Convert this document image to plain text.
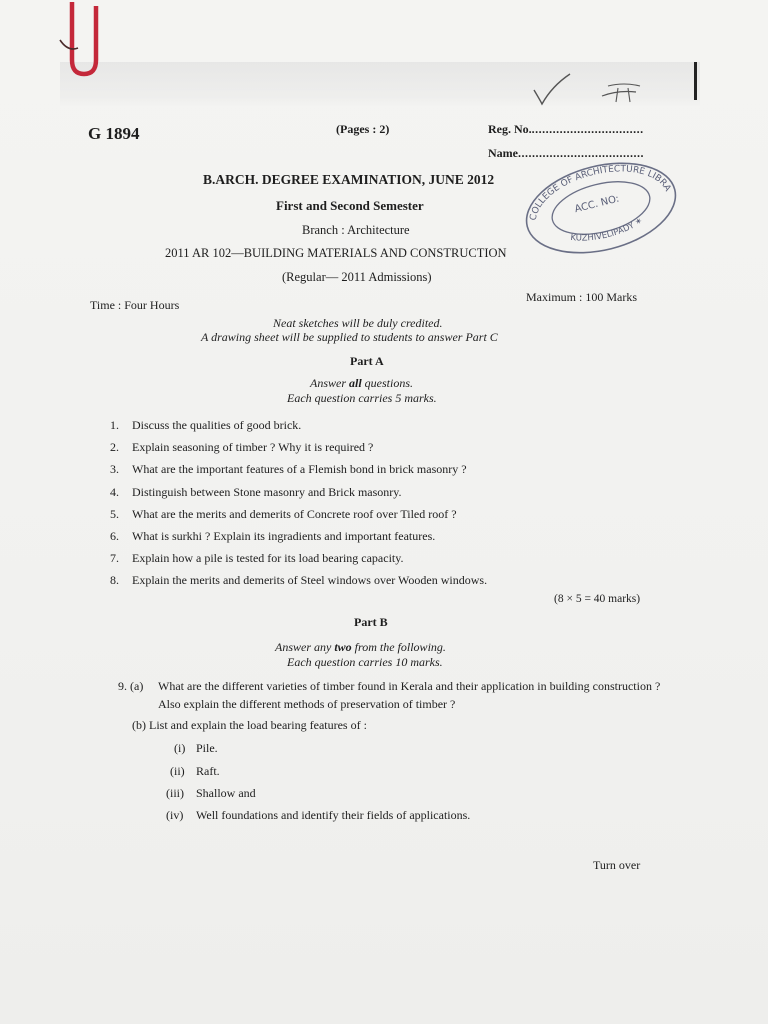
G 1894	(Pages : 2)	Reg. No.................................
Name....................................
B.ARCH. DEGREE EXAMINATION, JUNE 2012
First and Second Semester
Branch : Architecture
2011 AR 102—BUILDING MATERIALS AND CONSTRUCTION
(Regular— 2011 Admissions)
COLLEGE OF ARCHITECTURE LIBRARY
KUZHIVELIPADY ✶
ACC. NO:
Time : Four Hours
Maximum : 100 Marks
Neat sketches will be duly credited.
A drawing sheet will be supplied to students to answer Part C
Part A
Answer all questions.
Each question carries 5 marks.
1. Discuss the qualities of good brick.
2. Explain seasoning of timber ? Why it is required ?
3. What are the important features of a Flemish bond in brick masonry ?
4. Distinguish between Stone masonry and Brick masonry.
5. What are the merits and demerits of Concrete roof over Tiled roof ?
6. What is surkhi ? Explain its ingradients and important features.
7. Explain how a pile is tested for its load bearing capacity.
8. Explain the merits and demerits of Steel windows over Wooden windows.
(8 × 5 = 40 marks)
Part B
Answer any two from the following.
Each question carries 10 marks.
9. (a)	What are the different varieties of timber found in Kerala and their application in building construction ? Also explain the different methods of preservation of timber ?
(b) List and explain the load bearing features of :
(i) Pile.
(ii) Raft.
(iii) Shallow and
(iv) Well foundations and identify their fields of applications.
Turn over
